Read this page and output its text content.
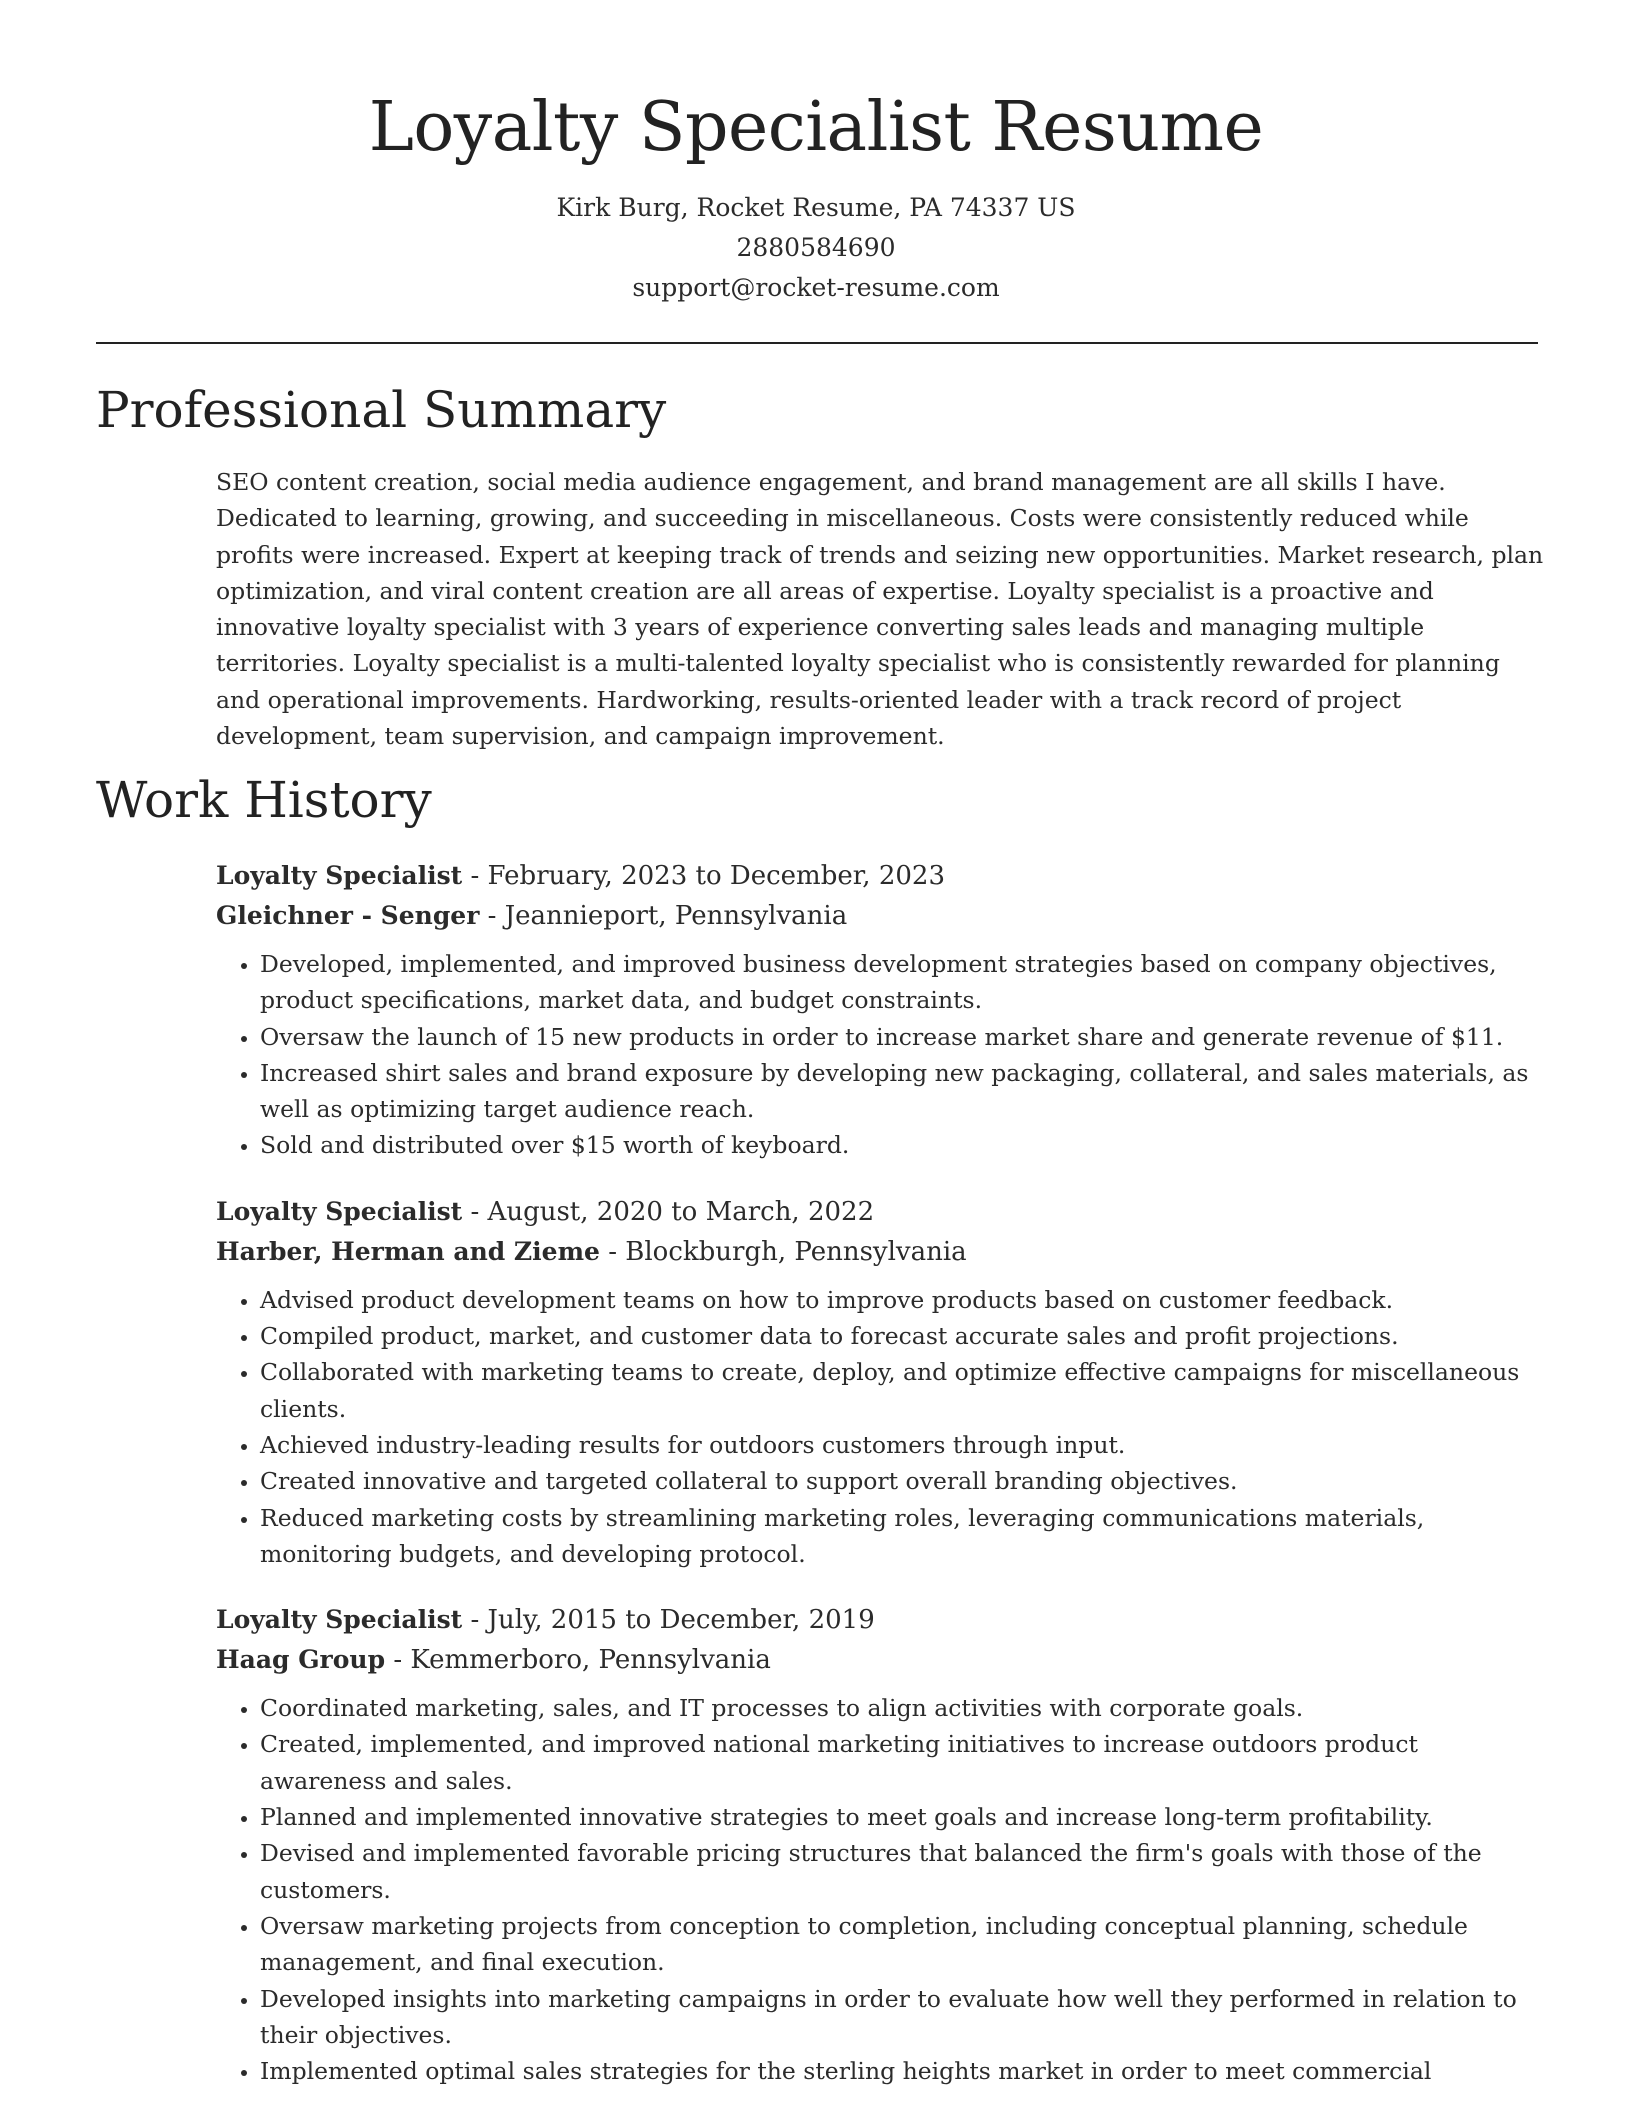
Loyalty Specialist Resume
Kirk Burg, Rocket Resume, PA 74337 US
2880584690
support@rocket-resume.com
Professional Summary

SEO content creation, social media audience engagement, and brand management are all skills I have. Dedicated to learning, growing, and succeeding in miscellaneous. Costs were consistently reduced while profits were increased. Expert at keeping track of trends and seizing new opportunities. Market research, plan optimization, and viral content creation are all areas of expertise. Loyalty specialist is a proactive and innovative loyalty specialist with 3 years of experience converting sales leads and managing multiple territories. Loyalty specialist is a multi-talented loyalty specialist who is consistently rewarded for planning and operational improvements. Hardworking, results-oriented leader with a track record of project development, team supervision, and campaign improvement.

Work History
Loyalty Specialist - February, 2023 to December, 2023
Gleichner - Senger - Jeannieport, Pennsylvania
• Developed, implemented, and improved business development strategies based on company objectives, product specifications, market data, and budget constraints.
• Oversaw the launch of 15 new products in order to increase market share and generate revenue of $11.
• Increased shirt sales and brand exposure by developing new packaging, collateral, and sales materials, as well as optimizing target audience reach.
• Sold and distributed over $15 worth of keyboard.
Loyalty Specialist - August, 2020 to March, 2022
Harber, Herman and Zieme - Blockburgh, Pennsylvania
• Advised product development teams on how to improve products based on customer feedback.
• Compiled product, market, and customer data to forecast accurate sales and profit projections.
• Collaborated with marketing teams to create, deploy, and optimize effective campaigns for miscellaneous clients.
• Achieved industry-leading results for outdoors customers through input.
• Created innovative and targeted collateral to support overall branding objectives.
• Reduced marketing costs by streamlining marketing roles, leveraging communications materials, monitoring budgets, and developing protocol.
Loyalty Specialist - July, 2015 to December, 2019
Haag Group - Kemmerboro, Pennsylvania
• Coordinated marketing, sales, and IT processes to align activities with corporate goals.
• Created, implemented, and improved national marketing initiatives to increase outdoors product awareness and sales.
• Planned and implemented innovative strategies to meet goals and increase long-term profitability.
• Devised and implemented favorable pricing structures that balanced the firm's goals with those of the customers.
• Oversaw marketing projects from conception to completion, including conceptual planning, schedule management, and final execution.
• Developed insights into marketing campaigns in order to evaluate how well they performed in relation to their objectives.
• Implemented optimal sales strategies for the sterling heights market in order to meet commercial
